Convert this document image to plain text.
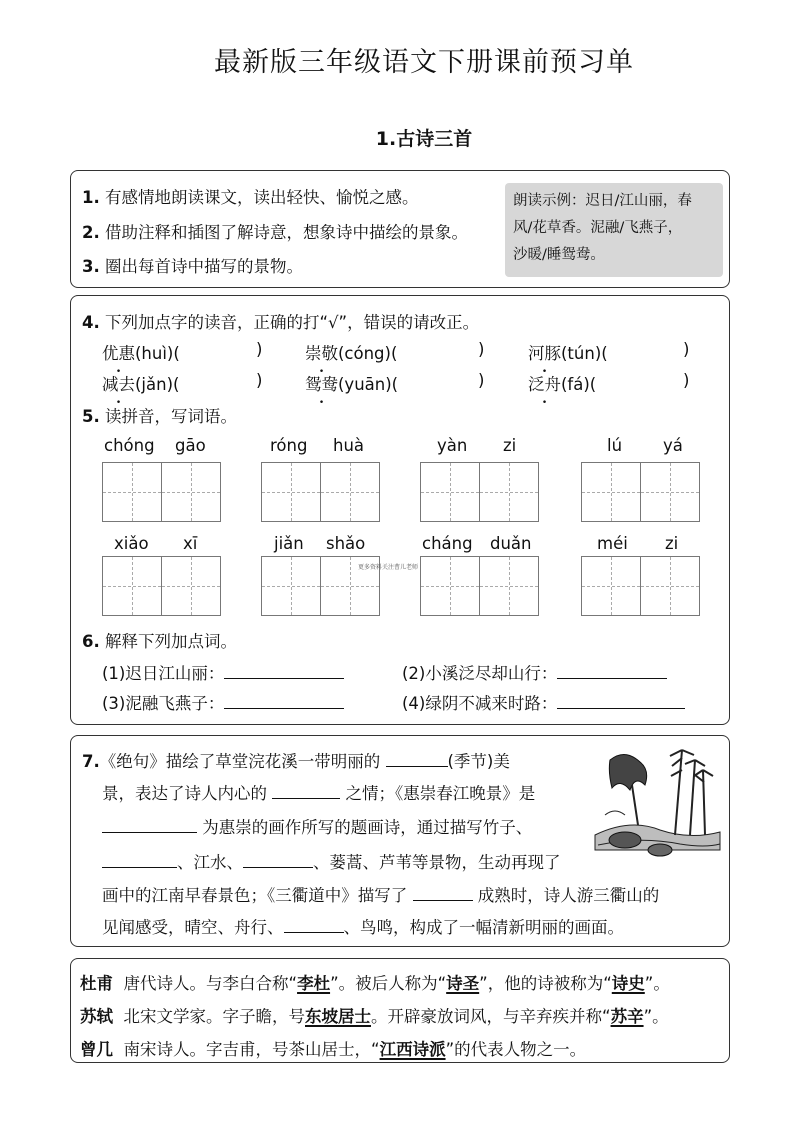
最新版三年级语文下册课前预习单
1.古诗三首
1. 有感情地朗读课文，读出轻快、愉悦之感。
2. 借助注释和插图了解诗意，想象诗中描绘的景象。
3. 圈出每首诗中描写的景物。
朗读示例：迟日/江山丽，春
风/花草香。泥融/飞燕子，
沙暖/睡鸳鸯。
4. 下列加点字的读音，正确的打“√”，错误的请改正。
优惠(huì)(	)	崇敬(cóng)(	)	河豚(tún)(	)
减去(jǎn)(	)	鸳鸯(yuān)(	)	泛舟(fá)(	)
5. 读拼音，写词语。
chóng gāo	róng huà	yàn zi	lú yá
xiǎo xī	jiǎn shǎo	cháng duǎn	méi zi
更多资料关注曹儿老师
6. 解释下列加点词。
(1)迟日江山丽：	(2)小溪泛尽却山行：
(3)泥融飞燕子：	(4)绿阴不减来时路：
7.《绝句》描绘了草堂浣花溪一带明丽的	(季节)美
景，表达了诗人内心的	之情；《惠崇春江晚景》是
为惠崇的画作所写的题画诗，通过描写竹子、
、江水、	、蒌蒿、芦苇等景物，生动再现了
画中的江南早春景色；《三衢道中》描写了	成熟时，诗人游三衢山的
见闻感受，晴空、舟行、	、鸟鸣，构成了一幅清新明丽的画面。
杜甫 唐代诗人。与李白合称“李杜”。被后人称为“诗圣”，他的诗被称为“诗史”。
苏轼 北宋文学家。字子瞻，号东坡居士。开辟豪放词风，与辛弃疾并称“苏辛”。
曾几 南宋诗人。字吉甫，号茶山居士，“江西诗派”的代表人物之一。
